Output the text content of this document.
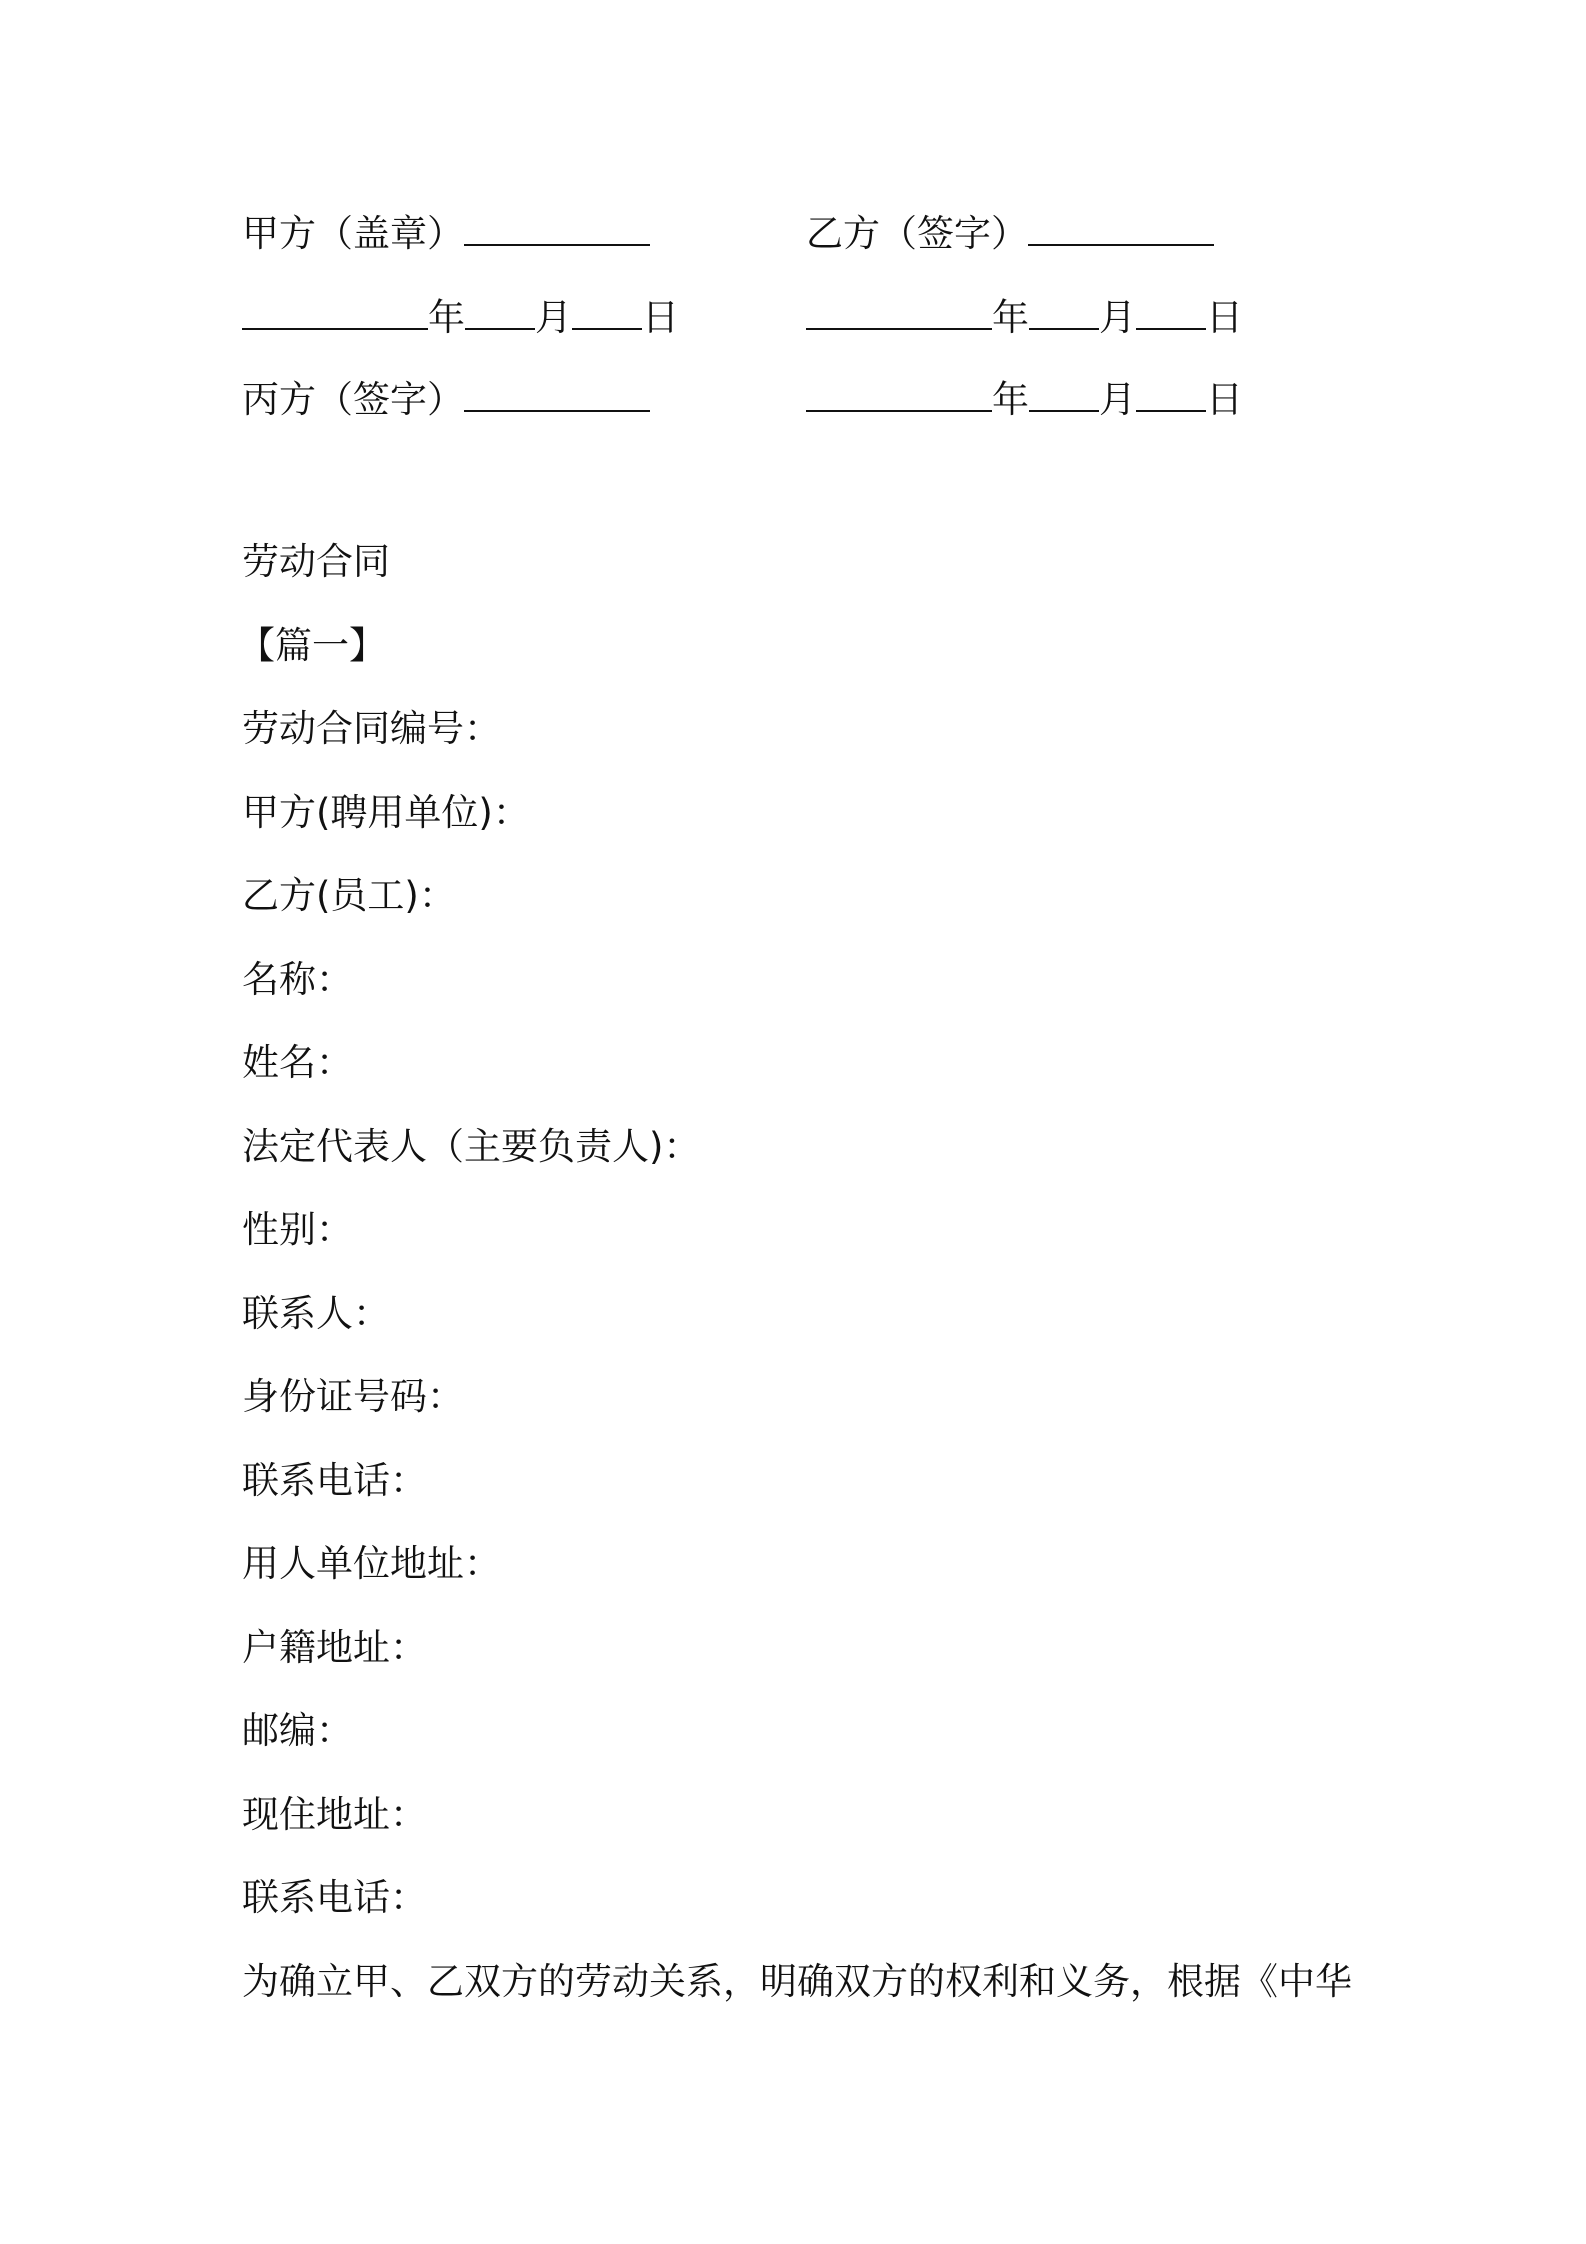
甲方（盖章）	乙方（签字）
年 月 日	年 月 日
丙方（签字）	年 月 日
劳动合同
【篇一】
劳动合同编号：
甲方(聘用单位)：
乙方(员工)：
名称：
姓名：
法定代表人（主要负责人)：
性别：
联系人：
身份证号码：
联系电话：
用人单位地址：
户籍地址：
邮编：
现住地址：
联系电话：
为确立甲、乙双方的劳动关系，明确双方的权利和义务，根据《中华
